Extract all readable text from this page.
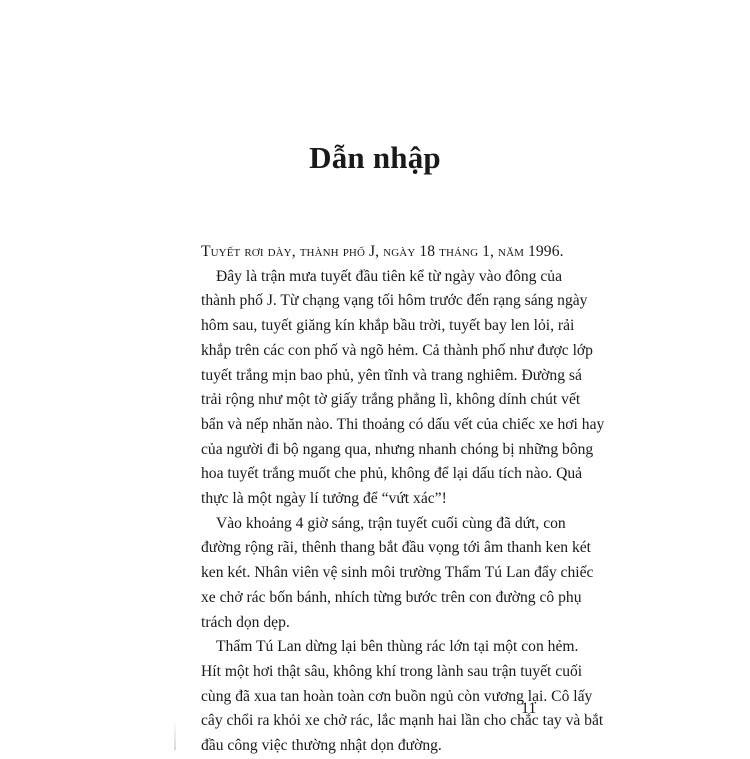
Dẫn nhập
Tuyết rơi dày, thành phố J, ngày 18 tháng 1, năm 1996.
Đây là trận mưa tuyết đầu tiên kể từ ngày vào đông của
thành phố J. Từ chạng vạng tối hôm trước đến rạng sáng ngày
hôm sau, tuyết giăng kín khắp bầu trời, tuyết bay len lỏi, rải
khắp trên các con phố và ngõ hẻm. Cả thành phố như được lớp
tuyết trắng mịn bao phủ, yên tĩnh và trang nghiêm. Đường sá
trải rộng như một tờ giấy trắng phẳng lì, không dính chút vết
bẩn và nếp nhăn nào. Thi thoảng có dấu vết của chiếc xe hơi hay
của người đi bộ ngang qua, nhưng nhanh chóng bị những bông
hoa tuyết trắng muốt che phủ, không để lại dấu tích nào. Quả
thực là một ngày lí tưởng để “vứt xác”!
Vào khoảng 4 giờ sáng, trận tuyết cuối cùng đã dứt, con
đường rộng rãi, thênh thang bắt đầu vọng tới âm thanh ken két
ken két. Nhân viên vệ sinh môi trường Thẩm Tú Lan đẩy chiếc
xe chở rác bốn bánh, nhích từng bước trên con đường cô phụ
trách dọn dẹp.
Thẩm Tú Lan dừng lại bên thùng rác lớn tại một con hẻm.
Hít một hơi thật sâu, không khí trong lành sau trận tuyết cuối
cùng đã xua tan hoàn toàn cơn buồn ngủ còn vương lại. Cô lấy
cây chổi ra khỏi xe chở rác, lắc mạnh hai lần cho chắc tay và bắt
đầu công việc thường nhật dọn đường.
11
